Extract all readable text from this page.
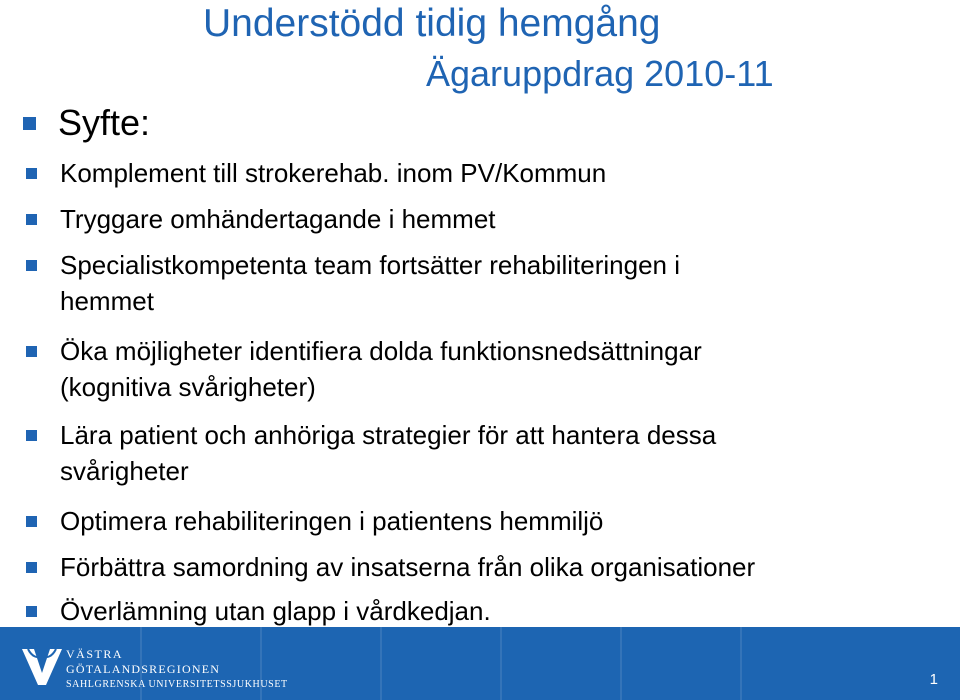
Understödd tidig hemgång
Ägaruppdrag 2010-11
Syfte:
Komplement till strokerehab. inom PV/Kommun
Tryggare omhändertagande i hemmet
Specialistkompetenta team fortsätter rehabiliteringen i
hemmet
Öka möjligheter identifiera dolda funktionsnedsättningar
(kognitiva svårigheter)
Lära patient och anhöriga strategier för att hantera dessa
svårigheter
Optimera rehabiliteringen i patientens hemmiljö
Förbättra samordning av insatserna från olika organisationer
Överlämning utan glapp i vårdkedjan.
VÄSTRA
GÖTALANDSREGIONEN
SAHLGRENSKA UNIVERSITETSSJUKHUSET	1
